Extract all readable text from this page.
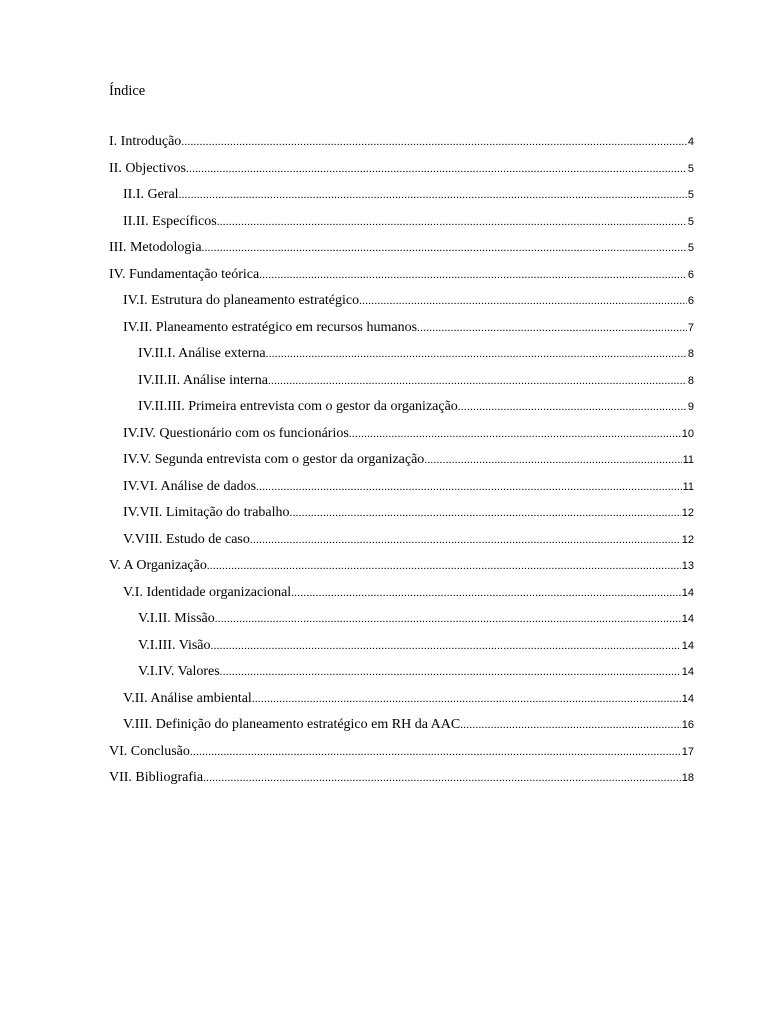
Índice
I. Introdução .....	4
II. Objectivos .....	5
II.I. Geral .....	5
II.II. Específicos .....	5
III. Metodologia .....	5
IV. Fundamentação teórica .....	6
IV.I. Estrutura do planeamento estratégico .....	6
IV.II. Planeamento estratégico em recursos humanos .....	7
IV.II.I. Análise externa .....	8
IV.II.II. Análise interna .....	8
IV.II.III. Primeira entrevista com o gestor da organização .....	9
IV.IV. Questionário com os funcionários .....	10
IV.V. Segunda entrevista com o gestor da organização .....	11
IV.VI. Análise de dados .....	11
IV.VII. Limitação do trabalho .....	12
V.VIII. Estudo de caso .....	12
V. A Organização .....	13
V.I. Identidade organizacional .....	14
V.I.II. Missão .....	14
V.I.III. Visão .....	14
V.I.IV. Valores .....	14
V.II. Análise ambiental .....	14
V.III. Definição do planeamento estratégico em RH da AAC .....	16
VI. Conclusão .....	17
VII. Bibliografia .....	18
